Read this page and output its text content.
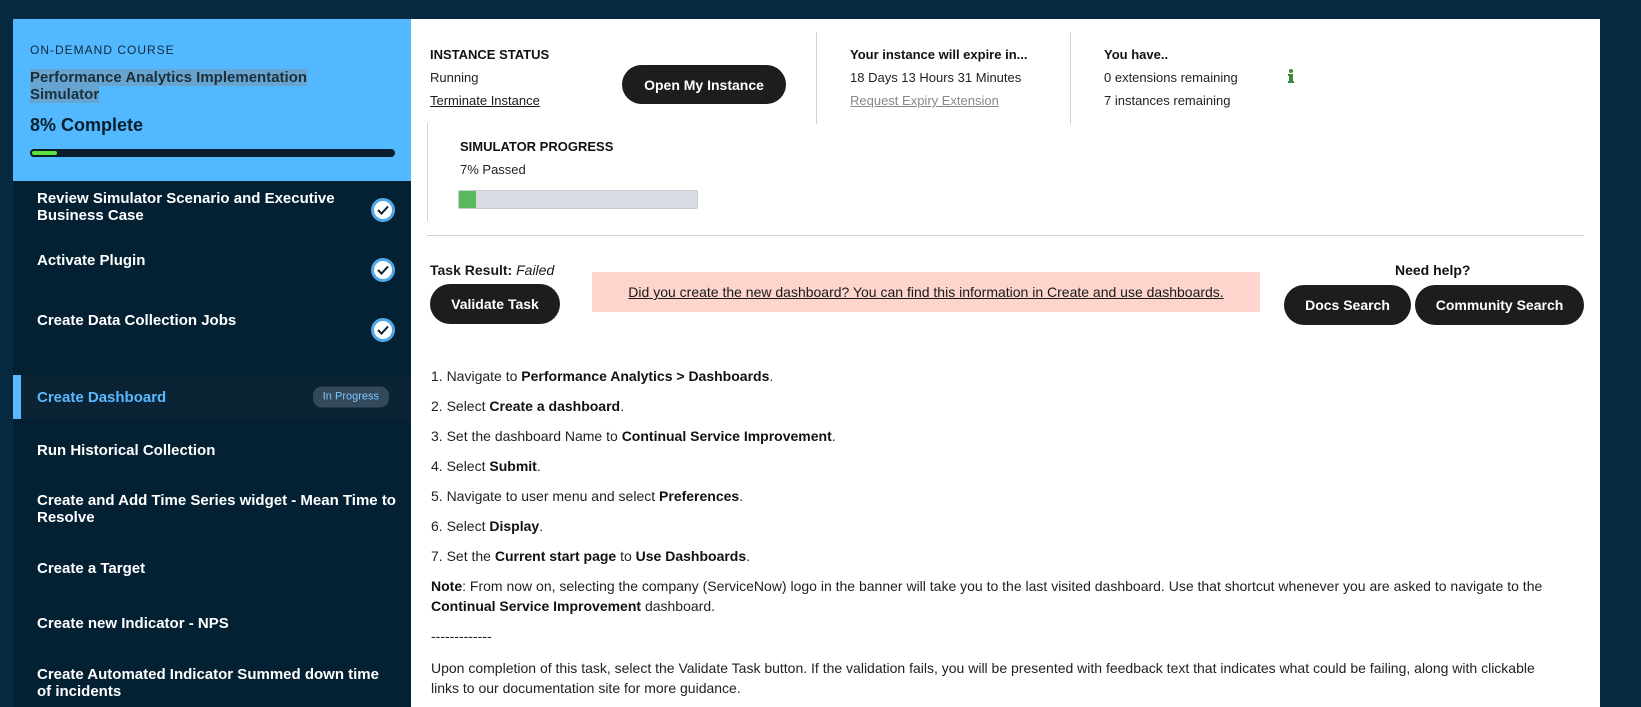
ON-DEMAND COURSE
Performance Analytics Implementation Simulator
8% Complete
Review Simulator Scenario and Executive Business Case
Activate Plugin
Create Data Collection Jobs
Create Dashboard	In Progress
Run Historical Collection
Create and Add Time Series widget - Mean Time to Resolve
Create a Target
Create new Indicator - NPS
Create Automated Indicator Summed down time of incidents
INSTANCE STATUS
Running
Terminate Instance
Open My Instance
Your instance will expire in...
18 Days 13 Hours 31 Minutes
Request Expiry Extension
You have..
0 extensions remaining
7 instances remaining
SIMULATOR PROGRESS
7% Passed
Task Result: Failed
Validate Task
Did you create the new dashboard? You can find this information in Create and use dashboards.
Need help?
Docs Search	Community Search
1. Navigate to Performance Analytics > Dashboards.
2. Select Create a dashboard.
3. Set the dashboard Name to Continual Service Improvement.
4. Select Submit.
5. Navigate to user menu and select Preferences.
6. Select Display.
7. Set the Current start page to Use Dashboards.
Note: From now on, selecting the company (ServiceNow) logo in the banner will take you to the last visited dashboard. Use that shortcut whenever you are asked to navigate to the
Continual Service Improvement dashboard.
-------------
Upon completion of this task, select the Validate Task button. If the validation fails, you will be presented with feedback text that indicates what could be failing, along with clickable links to our documentation site for more guidance.
